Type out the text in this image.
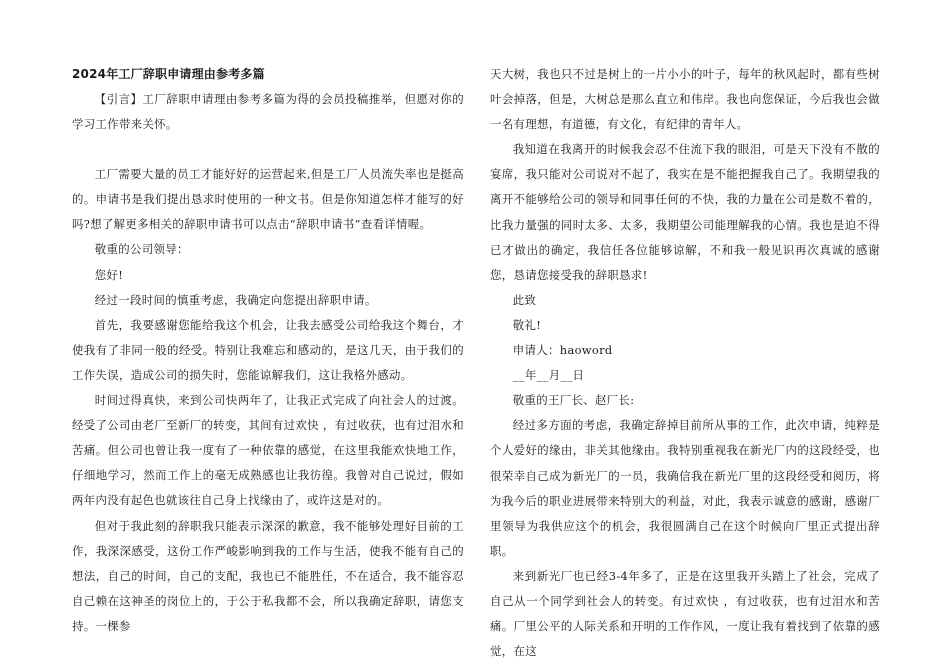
2024年工厂辞职申请理由参考多篇

【引言】工厂辞职申请理由参考多篇为得的会员投稿推举，但愿对你的学习工作带来关怀。

工厂需要大量的员工才能好好的运营起来,但是工厂人员流失率也是挺高的。申请书是我们提出恳求时使用的一种文书。但是你知道怎样才能写的好吗?想了解更多相关的辞职申请书可以点击“辞职申请书”查看详情喔。

敬重的公司领导：

您好!

经过一段时间的慎重考虑，我确定向您提出辞职申请。

首先，我要感谢您能给我这个机会，让我去感受公司给我这个舞台，才使我有了非同一般的经受。特别让我难忘和感动的，是这几天，由于我们的工作失误，造成公司的损失时，您能谅解我们，这让我格外感动。

时间过得真快，来到公司快两年了，让我正式完成了向社会人的过渡。经受了公司由老厂至新厂的转变，其间有过欢快 ，有过收获，也有过泪水和苦痛。但公司也曾让我一度有了一种依靠的感觉，在这里我能欢快地工作，仔细地学习，然而工作上的毫无成熟感也让我彷徨。我曾对自己说过，假如两年内没有起色也就该往自己身上找缘由了，或许这是对的。

但对于我此刻的辞职我只能表示深深的歉意，我不能够处理好目前的工作，我深深感受，这份工作严峻影响到我的工作与生活，使我不能有自己的想法，自己的时间，自己的支配，我也已不能胜任，不在适合，我不能容忍自己赖在这神圣的岗位上的，于公于私我都不会，所以我确定辞职，请您支持。一棵参

天大树，我也只不过是树上的一片小小的叶子，每年的秋风起时，都有些树叶会掉落，但是，大树总是那么直立和伟岸。我也向您保证，今后我也会做一名有理想，有道德，有文化，有纪律的青年人。

我知道在我离开的时候我会忍不住流下我的眼泪，可是天下没有不散的宴席，我只能对公司说对不起了，我实在是不能把握我自己了。我期望我的离开不能够给公司的领导和同事任何的不快，我的力量在公司是数不着的，比我力量强的同时太多、太多，我期望公司能理解我的心情。我也是迫不得已才做出的确定，我信任各位能够谅解，不和我一般见识再次真诚的感谢您，恳请您接受我的辞职恳求!

此致

敬礼!

申请人：haoword

__年__月__日

敬重的王厂长、赵厂长:

经过多方面的考虑，我确定辞掉目前所从事的工作，此次申请，纯粹是个人爱好的缘由，非关其他缘由。我特别重视我在新光厂内的这段经受，也很荣幸自己成为新光厂的一员，我确信我在新光厂里的这段经受和阅历，将为我今后的职业进展带来特别大的利益，对此，我表示诚意的感谢，感谢厂里领导为我供应这个的机会，我很圆满自己在这个时候向厂里正式提出辞职。

来到新光厂也已经3-4年多了，正是在这里我开头踏上了社会，完成了自己从一个同学到社会人的转变。有过欢快 ，有过收获，也有过泪水和苦痛。厂里公平的人际关系和开明的工作作风，一度让我有着找到了依靠的感觉，在这
